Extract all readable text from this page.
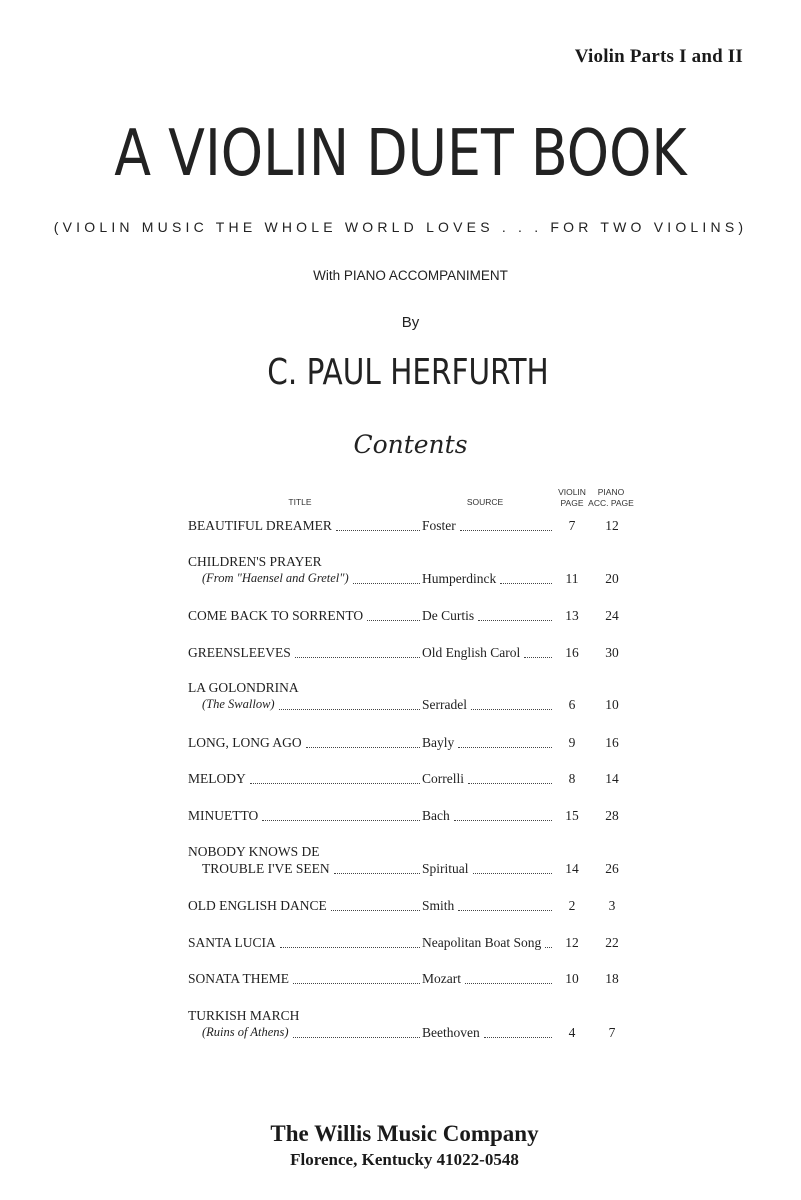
Violin Parts I and II
A VIOLIN DUET BOOK
(VIOLIN MUSIC THE WHOLE WORLD LOVES . . . FOR TWO VIOLINS)
With PIANO ACCOMPANIMENT
By
C. PAUL HERFURTH
Contents
TITLE	SOURCE
VIOLIN PAGE
PIANO ACC. PAGE
BEAUTIFUL DREAMER	Foster	7	12
CHILDREN'S PRAYER
(From "Haensel and Gretel")	Humperdinck	11	20
COME BACK TO SORRENTO	De Curtis	13	24
GREENSLEEVES	Old English Carol	16	30
LA GOLONDRINA
(The Swallow)	Serradel	6	10
LONG, LONG AGO	Bayly	9	16
MELODY	Correlli	8	14
MINUETTO	Bach	15	28
NOBODY KNOWS DE
TROUBLE I'VE SEEN	Spiritual	14	26
OLD ENGLISH DANCE	Smith	2	3
SANTA LUCIA	Neapolitan Boat Song	12	22
SONATA THEME	Mozart	10	18
TURKISH MARCH
(Ruins of Athens)	Beethoven	4	7
The Willis Music Company
Florence, Kentucky 41022-0548
